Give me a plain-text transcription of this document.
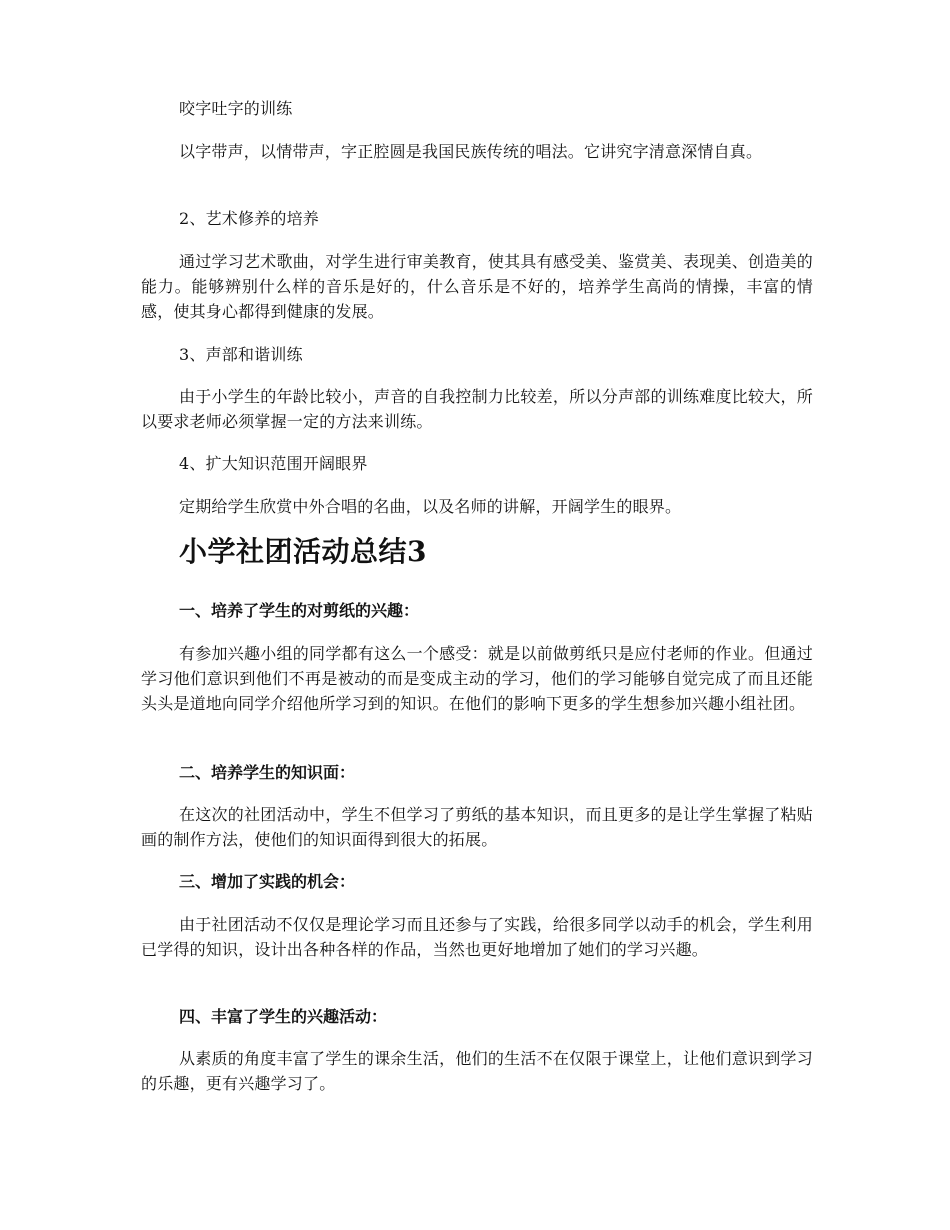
咬字吐字的训练

以字带声，以情带声，字正腔圆是我国民族传统的唱法。它讲究字清意深情自真。

2、艺术修养的培养

通过学习艺术歌曲，对学生进行审美教育，使其具有感受美、鉴赏美、表现美、创造美的能力。能够辨别什么样的音乐是好的，什么音乐是不好的，培养学生高尚的情操，丰富的情感，使其身心都得到健康的发展。

3、声部和谐训练

由于小学生的年龄比较小，声音的自我控制力比较差，所以分声部的训练难度比较大，所以要求老师必须掌握一定的方法来训练。

4、扩大知识范围开阔眼界

定期给学生欣赏中外合唱的名曲，以及名师的讲解，开阔学生的眼界。

小学社团活动总结3
一、培养了学生的对剪纸的兴趣：

有参加兴趣小组的同学都有这么一个感受：就是以前做剪纸只是应付老师的作业。但通过学习他们意识到他们不再是被动的而是变成主动的学习，他们的学习能够自觉完成了而且还能头头是道地向同学介绍他所学习到的知识。在他们的影响下更多的学生想参加兴趣小组社团。

二、培养学生的知识面：

在这次的社团活动中，学生不但学习了剪纸的基本知识，而且更多的是让学生掌握了粘贴画的制作方法，使他们的知识面得到很大的拓展。

三、增加了实践的机会：

由于社团活动不仅仅是理论学习而且还参与了实践，给很多同学以动手的机会，学生利用已学得的知识，设计出各种各样的作品，当然也更好地增加了她们的学习兴趣。

四、丰富了学生的兴趣活动：

从素质的角度丰富了学生的课余生活，他们的生活不在仅限于课堂上，让他们意识到学习的乐趣，更有兴趣学习了。
